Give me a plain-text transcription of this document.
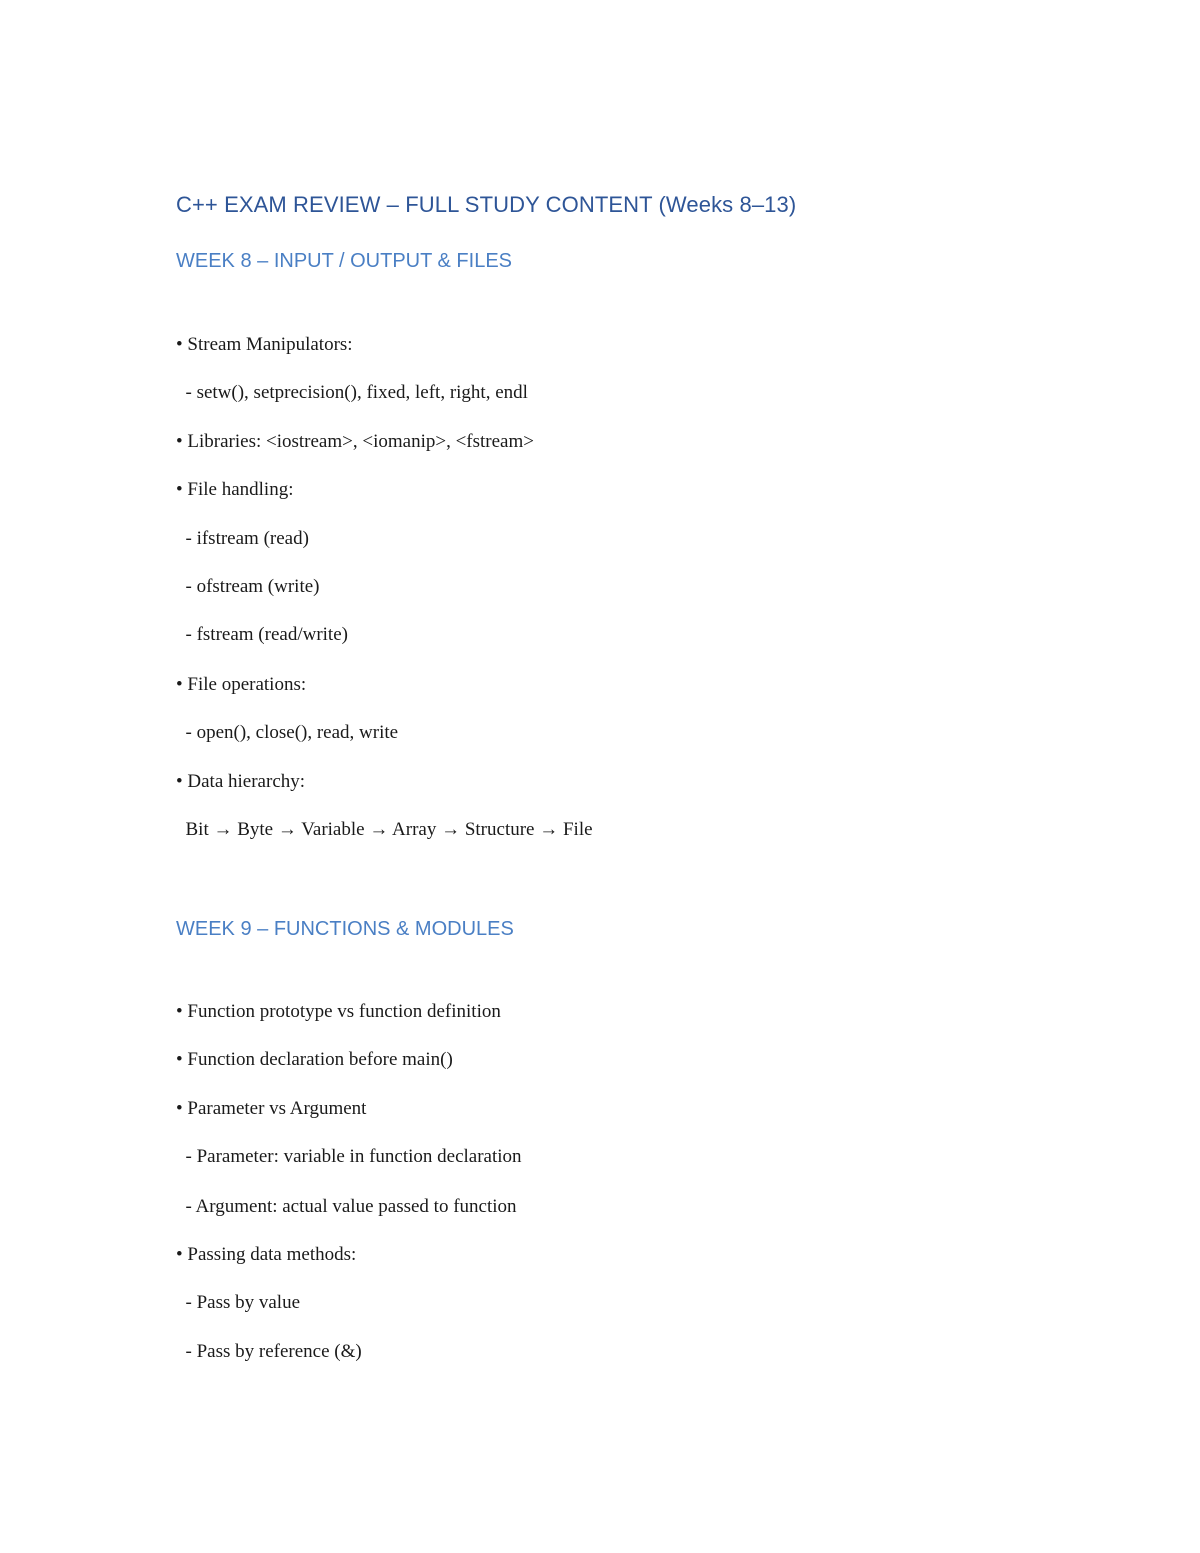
C++ EXAM REVIEW – FULL STUDY CONTENT (Weeks 8–13)
WEEK 8 – INPUT / OUTPUT & FILES

• Stream Manipulators:

- setw(), setprecision(), fixed, left, right, endl

• Libraries: <iostream>, <iomanip>, <fstream>

• File handling:

- ifstream (read)

- ofstream (write)

- fstream (read/write)

• File operations:

- open(), close(), read, write

• Data hierarchy:

Bit → Byte → Variable → Array → Structure → File

WEEK 9 – FUNCTIONS & MODULES

• Function prototype vs function definition

• Function declaration before main()

• Parameter vs Argument

- Parameter: variable in function declaration

- Argument: actual value passed to function

• Passing data methods:

- Pass by value

- Pass by reference (&)
